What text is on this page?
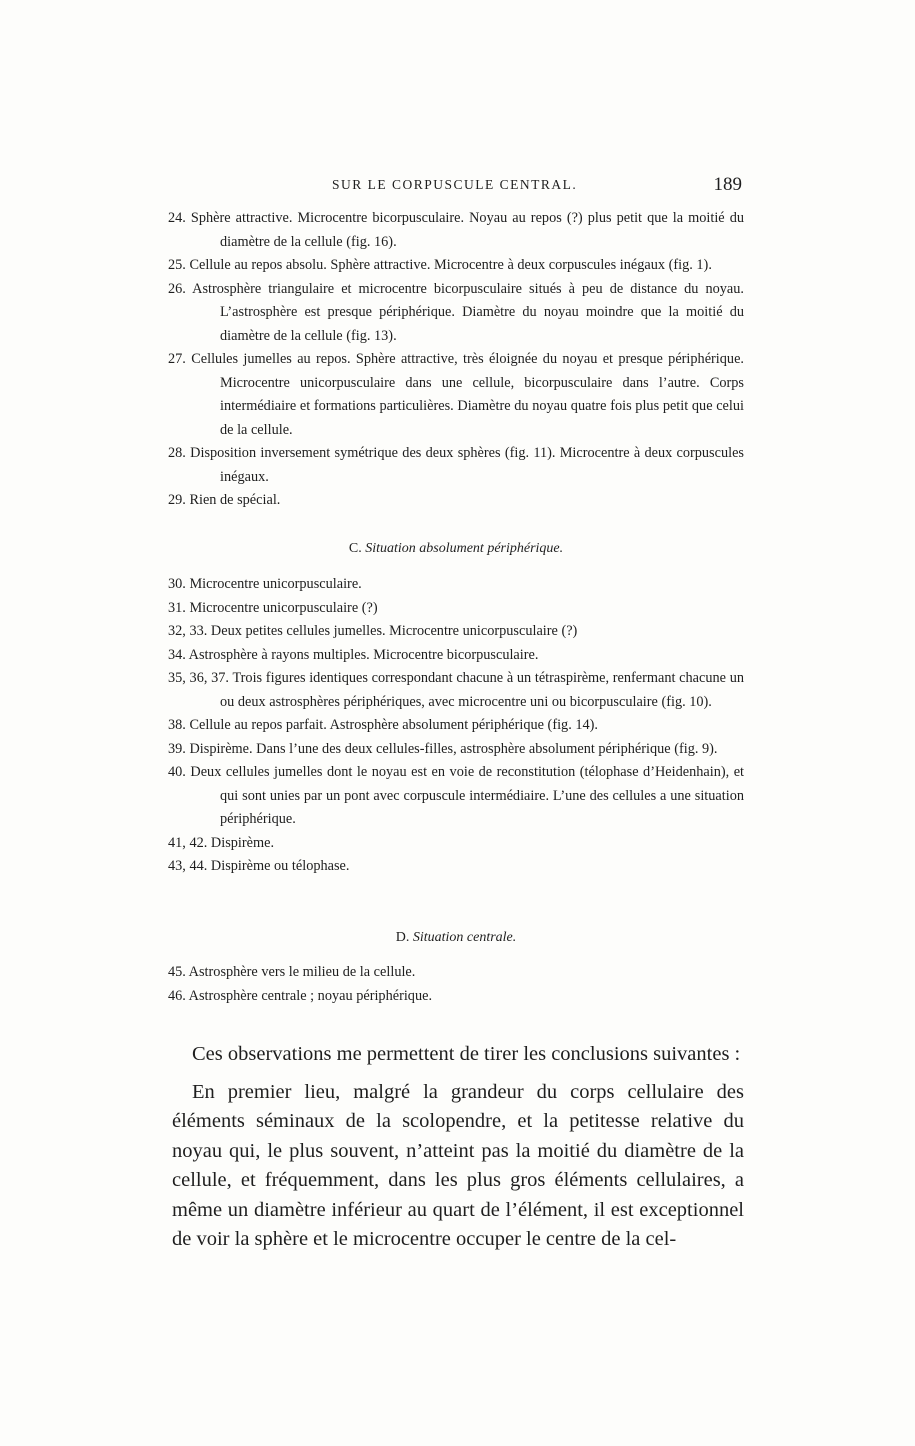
SUR LE CORPUSCULE CENTRAL.	189
24. Sphère attractive. Microcentre bicorpusculaire. Noyau au repos (?) plus petit que la moitié du diamètre de la cellule (fig. 16).
25. Cellule au repos absolu. Sphère attractive. Microcentre à deux corpuscules inégaux (fig. 1).
26. Astrosphère triangulaire et microcentre bicorpusculaire situés à peu de distance du noyau. L’astrosphère est presque périphérique. Diamètre du noyau moindre que la moitié du diamètre de la cellule (fig. 13).
27. Cellules jumelles au repos. Sphère attractive, très éloignée du noyau et presque périphérique. Microcentre unicorpusculaire dans une cellule, bicorpusculaire dans l’autre. Corps intermédiaire et formations particulières. Diamètre du noyau quatre fois plus petit que celui de la cellule.
28. Disposition inversement symétrique des deux sphères (fig. 11). Microcentre à deux corpuscules inégaux.
29. Rien de spécial.
C. Situation absolument périphérique.
30. Microcentre unicorpusculaire.
31. Microcentre unicorpusculaire (?)
32, 33. Deux petites cellules jumelles. Microcentre unicorpusculaire (?)
34. Astrosphère à rayons multiples. Microcentre bicorpusculaire.
35, 36, 37. Trois figures identiques correspondant chacune à un tétraspirème, renfermant chacune un ou deux astrosphères périphériques, avec microcentre uni ou bicorpusculaire (fig. 10).
38. Cellule au repos parfait. Astrosphère absolument périphérique (fig. 14).
39. Dispirème. Dans l’une des deux cellules-filles, astrosphère absolument périphérique (fig. 9).
40. Deux cellules jumelles dont le noyau est en voie de reconstitution (télophase d’Heidenhain), et qui sont unies par un pont avec corpuscule intermédiaire. L’une des cellules a une situation périphérique.
41, 42. Dispirème.
43, 44. Dispirème ou télophase.
D. Situation centrale.
45. Astrosphère vers le milieu de la cellule.
46. Astrosphère centrale ; noyau périphérique.

Ces observations me permettent de tirer les conclusions suivantes :

En premier lieu, malgré la grandeur du corps cellulaire des éléments séminaux de la scolopendre, et la petitesse relative du noyau qui, le plus souvent, n’atteint pas la moitié du diamètre de la cellule, et fréquemment, dans les plus gros éléments cellulaires, a même un diamètre inférieur au quart de l’élément, il est exceptionnel de voir la sphère et le microcentre occuper le centre de la cel-
